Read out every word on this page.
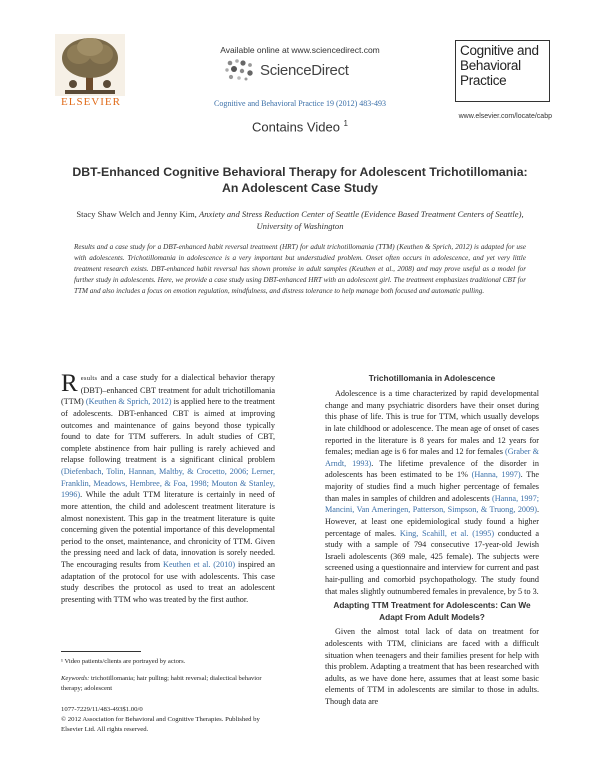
ELSEVIER
Available online at www.sciencedirect.com
ScienceDirect
Cognitive and Behavioral Practice 19 (2012) 483-493
Cognitive and
Behavioral
Practice
www.elsevier.com/locate/cabp
Contains Video $^1$
DBT-Enhanced Cognitive Behavioral Therapy for Adolescent Trichotillomania:
An Adolescent Case Study
Stacy Shaw Welch and Jenny Kim, Anxiety and Stress Reduction Center of Seattle (Evidence Based Treatment Centers of Seattle), University of Washington
Results and a case study for a DBT-enhanced habit reversal treatment (HRT) for adult trichotillomania (TTM) (Keuthen & Sprich, 2012) is adapted for use with adolescents. Trichotillomania in adolescence is a very important but understudied problem. Onset often occurs in adolescence, and yet very little treatment research exists. DBT-enhanced habit reversal has shown promise in adult samples (Keuthen et al., 2008) and may prove useful as a model for further study in adolescents. Here, we provide a case study using DBT-enhanced HRT with an adolescent girl. The treatment emphasizes traditional CBT for TTM and also includes a focus on emotion regulation, mindfulness, and distress tolerance to help manage both focused and automatic pulling.

Results and a case study for a dialectical behavior therapy (DBT)–enhanced CBT treatment for adult trichotillomania (TTM) (Keuthen & Sprich, 2012) is applied here to the treatment of adolescents. DBT-enhanced CBT is aimed at improving outcomes and maintenance of gains beyond those typically found to date for TTM sufferers. In adult studies of CBT, complete abstinence from hair pulling is rarely achieved and relapse following treatment is a significant clinical problem (Diefenbach, Tolin, Hannan, Maltby, & Crocetto, 2006; Lerner, Franklin, Meadows, Hembree, & Foa, 1998; Mouton & Stanley, 1996). While the adult TTM literature is certainly in need of more attention, the child and adolescent treatment literature is almost nonexistent. This gap in the treatment literature is quite concerning given the potential importance of this developmental period to the onset, maintenance, and chronicity of TTM. Given the pressing need and lack of data, innovation is sorely needed. The encouraging results from Keuthen et al. (2010) inspired an adaptation of the protocol for use with adolescents. This case study describes the protocol as used to treat an adolescent presenting with TTM who was treated by the first author.

Trichotillomania in Adolescence

Adolescence is a time characterized by rapid developmental change and many psychiatric disorders have their onset during this phase of life. This is true for TTM, which usually develops in late childhood or adolescence. The mean age of onset of cases reported in the literature is 8 years for males and 12 years for females; median age is 6 for males and 12 for females (Graber & Arndt, 1993). The lifetime prevalence of the disorder in adolescents has been estimated to be 1% (Hanna, 1997). The majority of studies find a much higher percentage of females than males in samples of children and adolescents (Hanna, 1997; Mancini, Van Ameringen, Patterson, Simpson, & Truong, 2009). However, at least one epidemiological study found a higher percentage of males. King, Scahill, et al. (1995) conducted a study with a sample of 794 consecutive 17-year-old Jewish Israeli adolescents (369 male, 425 female). The subjects were screened using a questionnaire and interview for current and past hair-pulling and comorbid psychopathology. The study found that males slightly outnumbered females in prevalence, by 5 to 3.

Adapting TTM Treatment for Adolescents: Can We Adapt From Adult Models?

Given the almost total lack of data on treatment for adolescents with TTM, clinicians are faced with a difficult situation when teenagers and their families present for help with this problem. Adapting a treatment that has been researched with adults, as we have done here, assumes that at least some basic elements of TTM in adolescents are similar to those in adults. Though data are

¹ Video patients/clients are portrayed by actors.
Keywords: trichotillomania; hair pulling; habit reversal; dialectical behavior therapy; adolescent
1077-7229/11/483-493$1.00/0
© 2012 Association for Behavioral and Cognitive Therapies. Published by Elsevier Ltd. All rights reserved.
